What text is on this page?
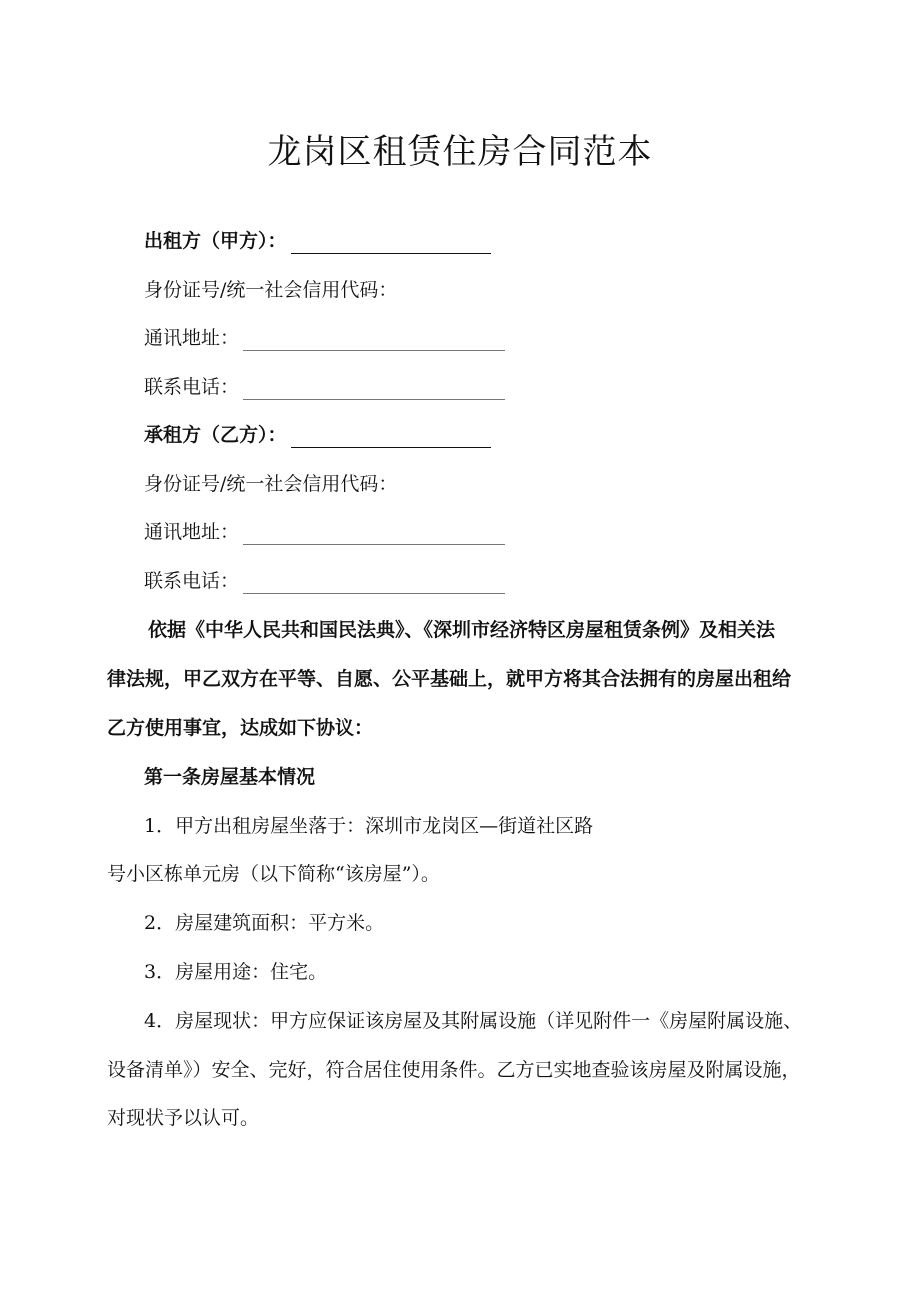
龙岗区租赁住房合同范本
出租方（甲方）：
身份证号/统一社会信用代码：
通讯地址：
联系电话：
承租方（乙方）：
身份证号/统一社会信用代码：
通讯地址：
联系电话：
依据《中华人民共和国民法典》、《深圳市经济特区房屋租赁条例》及相关法
律法规，甲乙双方在平等、自愿、公平基础上，就甲方将其合法拥有的房屋出租给
乙方使用事宜，达成如下协议：
第一条房屋基本情况
1．甲方出租房屋坐落于：深圳市龙岗区—街道社区路
号小区栋单元房（以下简称“该房屋”）。
2．房屋建筑面积：平方米。
3．房屋用途：住宅。
4．房屋现状：甲方应保证该房屋及其附属设施（详见附件一《房屋附属设施、
设备清单》）安全、完好，符合居住使用条件。乙方已实地查验该房屋及附属设施，
对现状予以认可。
